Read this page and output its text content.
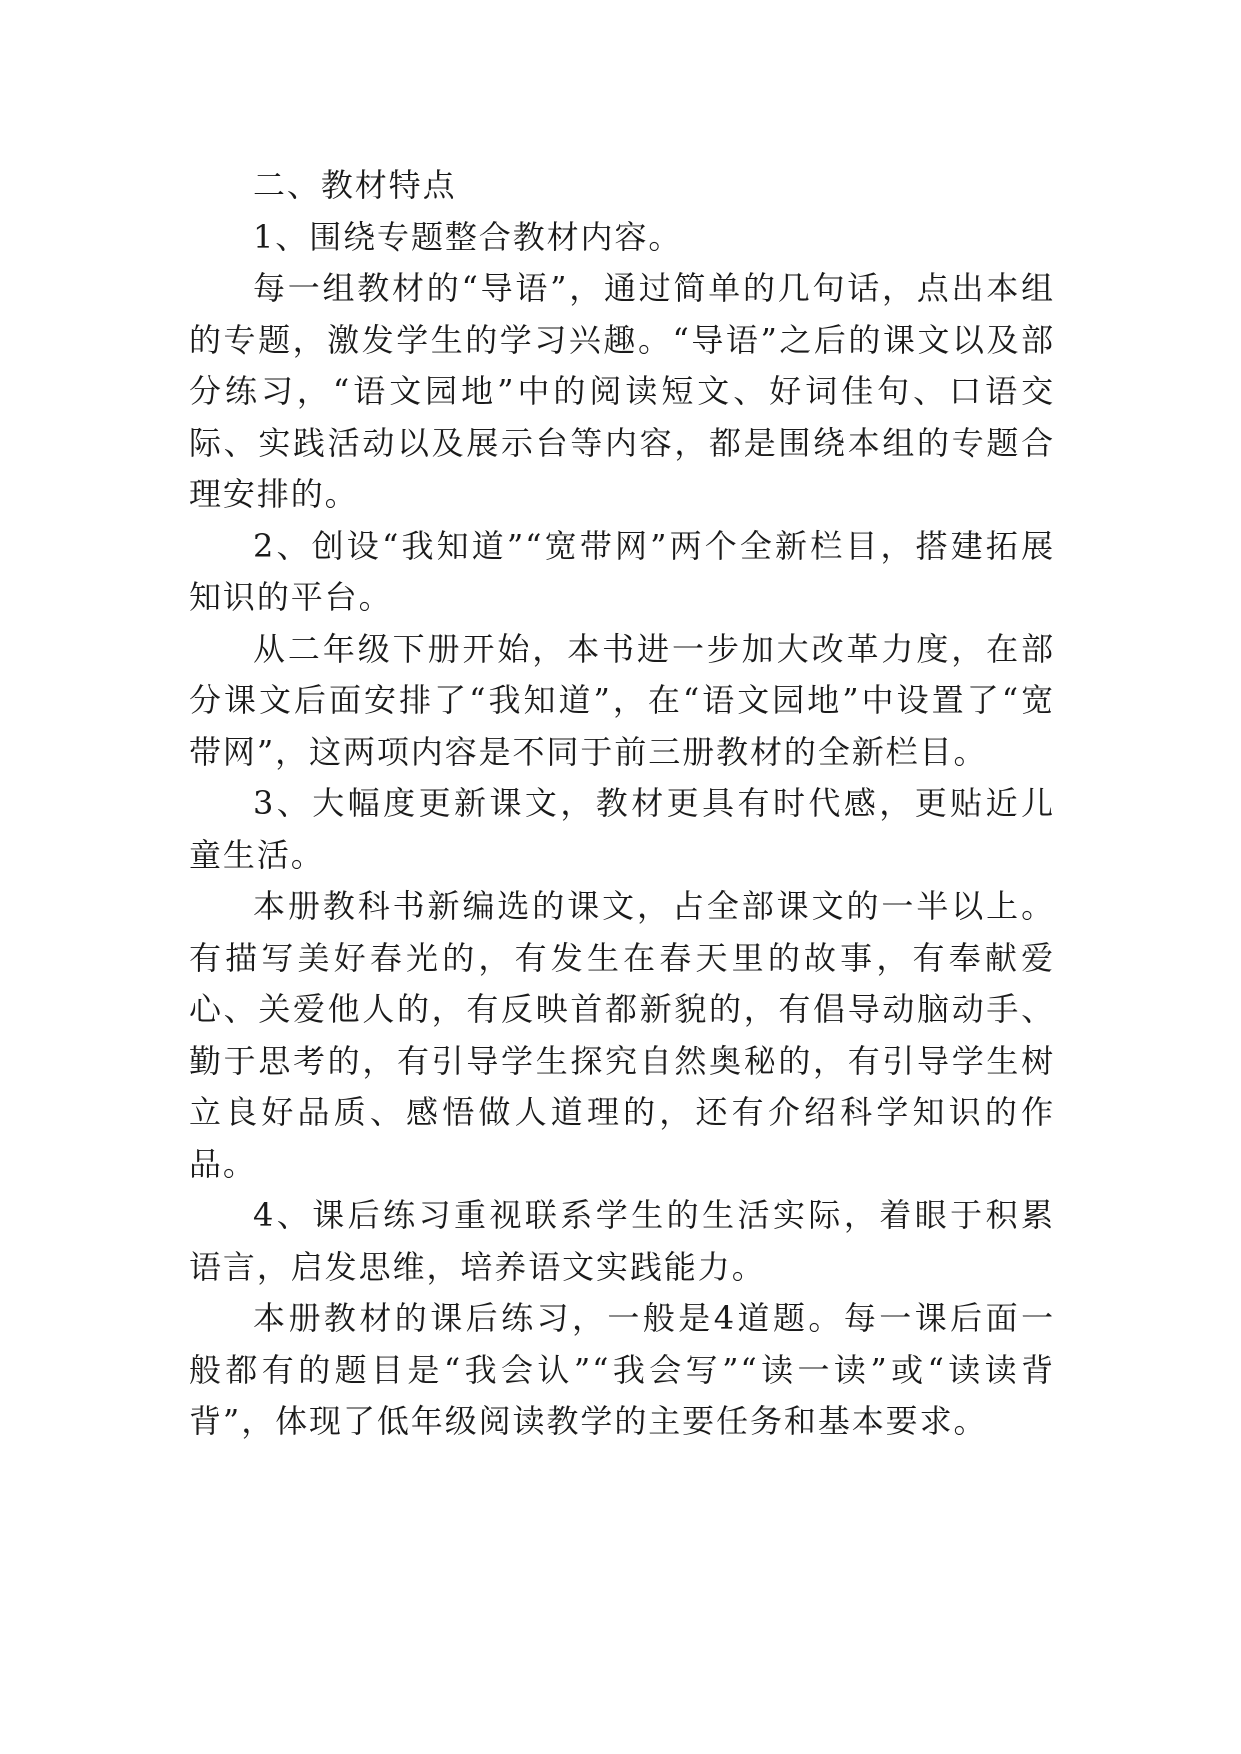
二、教材特点

1、围绕专题整合教材内容。

每一组教材的“导语”，通过简单的几句话，点出本组的专题，激发学生的学习兴趣。“导语”之后的课文以及部分练习，“语文园地”中的阅读短文、好词佳句、口语交际、实践活动以及展示台等内容，都是围绕本组的专题合理安排的。

2、创设“我知道”“宽带网”两个全新栏目，搭建拓展知识的平台。

从二年级下册开始，本书进一步加大改革力度，在部分课文后面安排了“我知道”，在“语文园地”中设置了“宽带网”，这两项内容是不同于前三册教材的全新栏目。

3、大幅度更新课文，教材更具有时代感，更贴近儿童生活。

本册教科书新编选的课文，占全部课文的一半以上。有描写美好春光的，有发生在春天里的故事，有奉献爱心、关爱他人的，有反映首都新貌的，有倡导动脑动手、勤于思考的，有引导学生探究自然奥秘的，有引导学生树立良好品质、感悟做人道理的，还有介绍科学知识的作品。

4、课后练习重视联系学生的生活实际，着眼于积累语言，启发思维，培养语文实践能力。

本册教材的课后练习，一般是4道题。每一课后面一般都有的题目是“我会认”“我会写”“读一读”或“读读背背”，体现了低年级阅读教学的主要任务和基本要求。
